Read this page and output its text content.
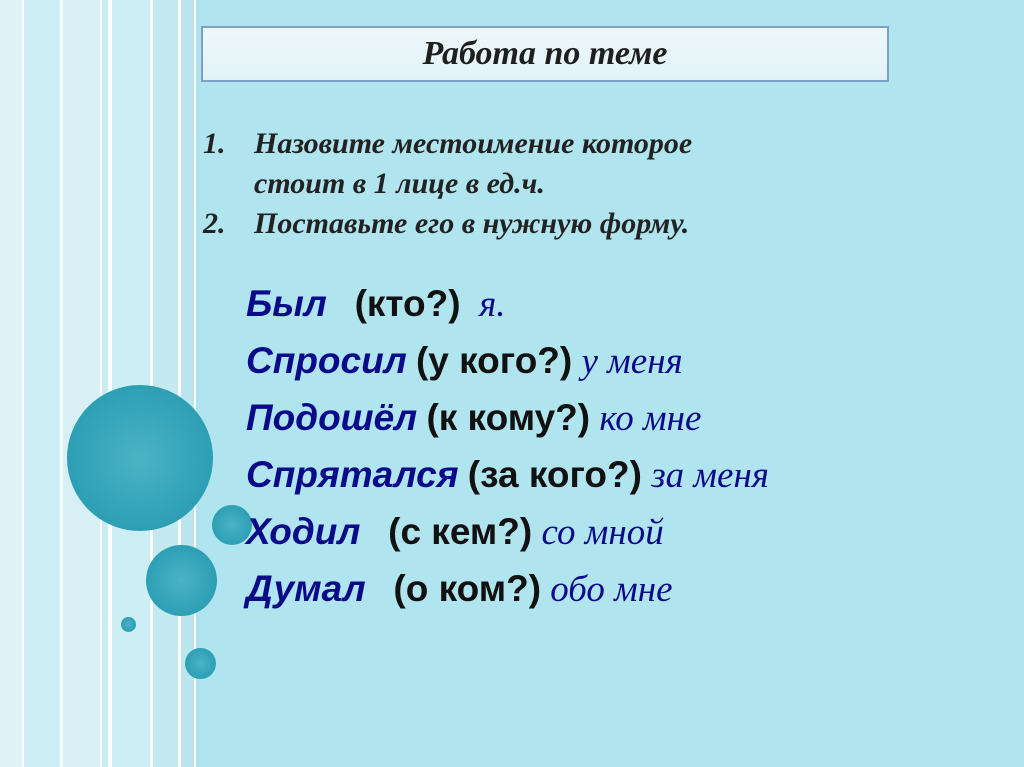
Работа по теме
1. Назовите местоимение которое
стоит в 1 лице в ед.ч.
2. Поставьте его в нужную форму.
Был (кто?) я.
Спросил (у кого?) у меня
Подошёл (к кому?) ко мне
Спрятался (за кого?) за меня
Ходил (с кем?) со мной
Думал (о ком?) обо мне
